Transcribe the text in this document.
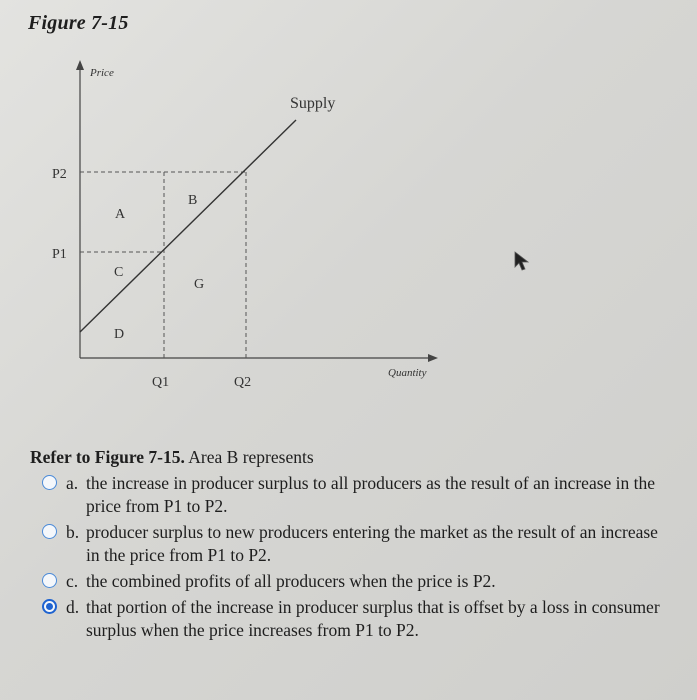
Figure 7-15
Price
Quantity
Supply
P2
P1
Q1	Q2
A
B
C
G
D
Refer to Figure 7-15. Area B represents
a. the increase in producer surplus to all producers as the result of an increase in the price from P1 to P2.
b. producer surplus to new producers entering the market as the result of an increase in the price from P1 to P2.
c. the combined profits of all producers when the price is P2.
d. that portion of the increase in producer surplus that is offset by a loss in consumer surplus when the price increases from P1 to P2.
